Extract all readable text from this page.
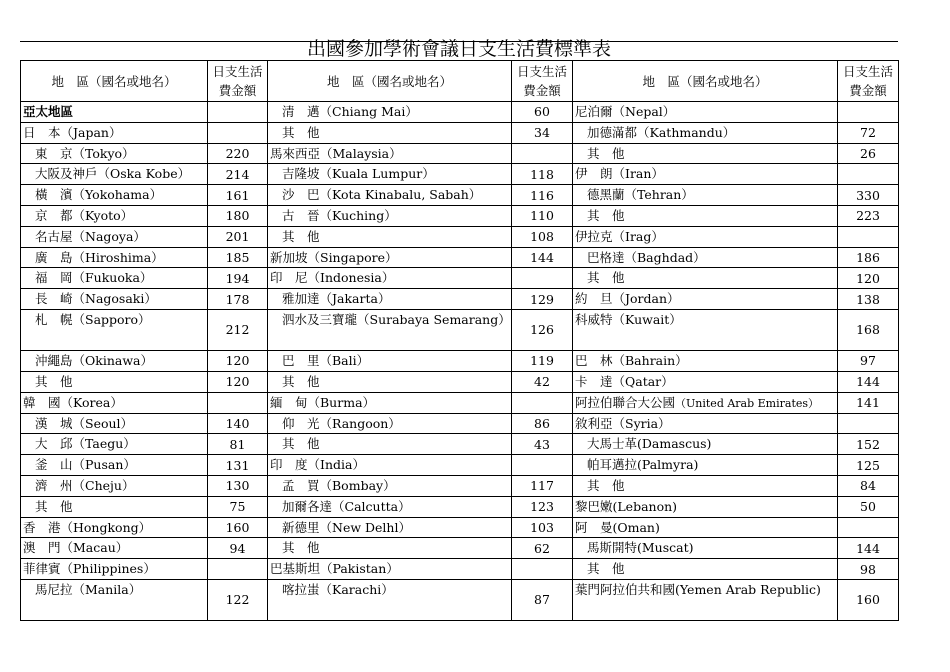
出國參加學術會議日支生活費標準表
地　區（國名或地名）	日支生活費金額	地　區（國名或地名）	日支生活費金額	地　區（國名或地名）	日支生活費金額
亞太地區		清　邁（Chiang Mai）	60	尼泊爾（Nepal）	
日　本（Japan）		其　他	34	加德滿都（Kathmandu）	72
東　京（Tokyo）	220	馬來西亞（Malaysia）		其　他	26
大阪及神戶（Oska Kobe）	214	吉隆坡（Kuala Lumpur）	118	伊　朗（Iran）	
橫　濱（Yokohama）	161	沙　巴（Kota Kinabalu, Sabah）	116	德黑蘭（Tehran）	330
京　都（Kyoto）	180	古　晉（Kuching）	110	其　他	223
名古屋（Nagoya）	201	其　他	108	伊拉克（Irag）	
廣　島（Hiroshima）	185	新加坡（Singapore）	144	巴格達（Baghdad）	186
福　岡（Fukuoka）	194	印　尼（Indonesia）		其　他	120
長　崎（Nagosaki）	178	雅加達（Jakarta）	129	約　旦（Jordan）	138
札　幌（Sapporo）	212	泗水及三寶瓏（Surabaya Semarang）	126	科威特（Kuwait）	168
沖繩島（Okinawa）	120	巴　里（Bali）	119	巴　林（Bahrain）	97
其　他	120	其　他	42	卡　達（Qatar）	144
韓　國（Korea）		緬　甸（Burma）		阿拉伯聯合大公國（United Arab Emirates）	141
漢　城（Seoul）	140	仰　光（Rangoon）	86	敘利亞（Syria）	
大　邱（Taegu）	81	其　他	43	大馬士革(Damascus)	152
釜　山（Pusan）	131	印　度（India）		帕耳邁拉(Palmyra)	125
濟　州（Cheju）	130	孟　買（Bombay）	117	其　他	84
其　他	75	加爾各達（Calcutta）	123	黎巴嫩(Lebanon)	50
香　港（Hongkong）	160	新德里（New Delhl）	103	阿　曼(Oman)	
澳　門（Macau）	94	其　他	62	馬斯開特(Muscat)	144
菲律賓（Philippines）		巴基斯坦（Pakistan）		其　他	98
馬尼拉（Manila）	122	喀拉蚩（Karachi）	87	葉門阿拉伯共和國(Yemen Arab Republic)	160
